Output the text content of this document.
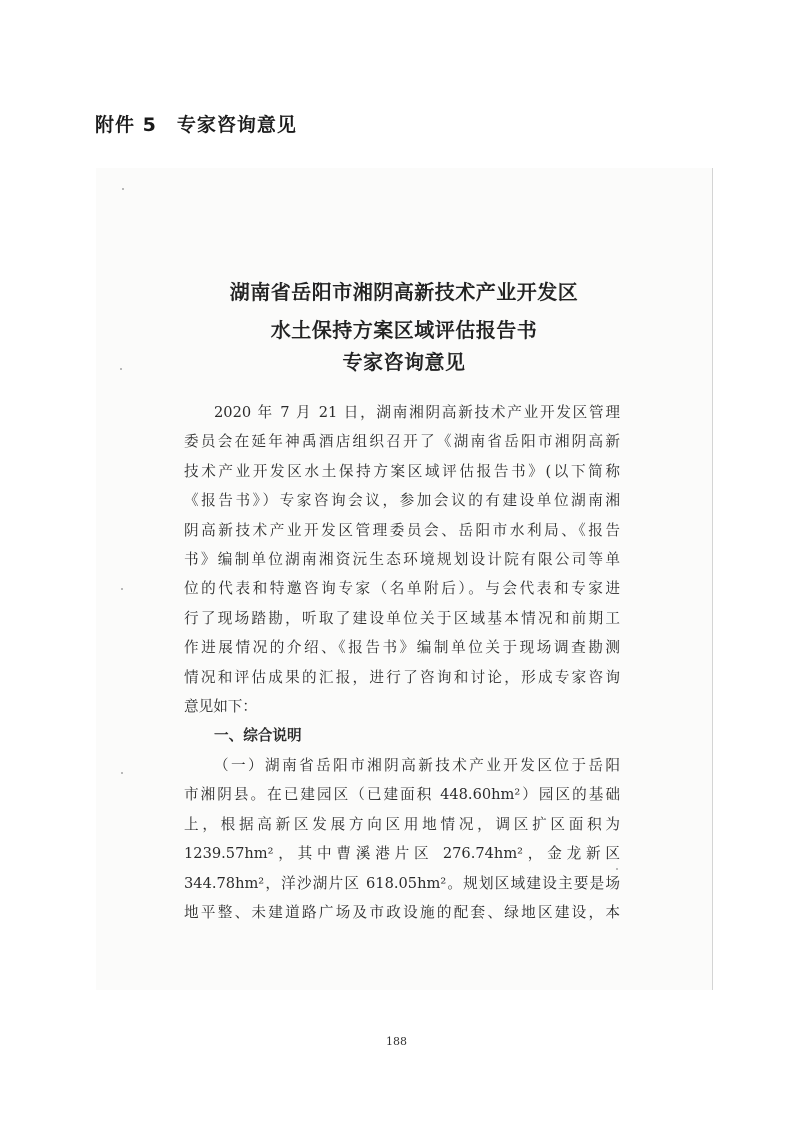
附件 5 专家咨询意见
湖南省岳阳市湘阴高新技术产业开发区
水土保持方案区域评估报告书
专家咨询意见
2020 年 7 月 21 日，湖南湘阴高新技术产业开发区管理
委员会在延年神禹酒店组织召开了《湖南省岳阳市湘阴高新
技术产业开发区水土保持方案区域评估报告书》(以下简称
《报告书》）专家咨询会议，参加会议的有建设单位湖南湘
阴高新技术产业开发区管理委员会、岳阳市水利局、《报告
书》编制单位湖南湘资沅生态环境规划设计院有限公司等单
位的代表和特邀咨询专家（名单附后）。与会代表和专家进
行了现场踏勘，听取了建设单位关于区域基本情况和前期工
作进展情况的介绍、《报告书》编制单位关于现场调查勘测
情况和评估成果的汇报，进行了咨询和讨论，形成专家咨询
意见如下：
一、综合说明
（一）湖南省岳阳市湘阴高新技术产业开发区位于岳阳
市湘阴县。在已建园区（已建面积 448.60hm²）园区的基础
上，根据高新区发展方向区用地情况，调区扩区面积为
1239.57hm²，其中曹溪港片区 276.74hm²，金龙新区
344.78hm²，洋沙湖片区 618.05hm²。规划区域建设主要是场
地平整、未建道路广场及市政设施的配套、绿地区建设，本
188
